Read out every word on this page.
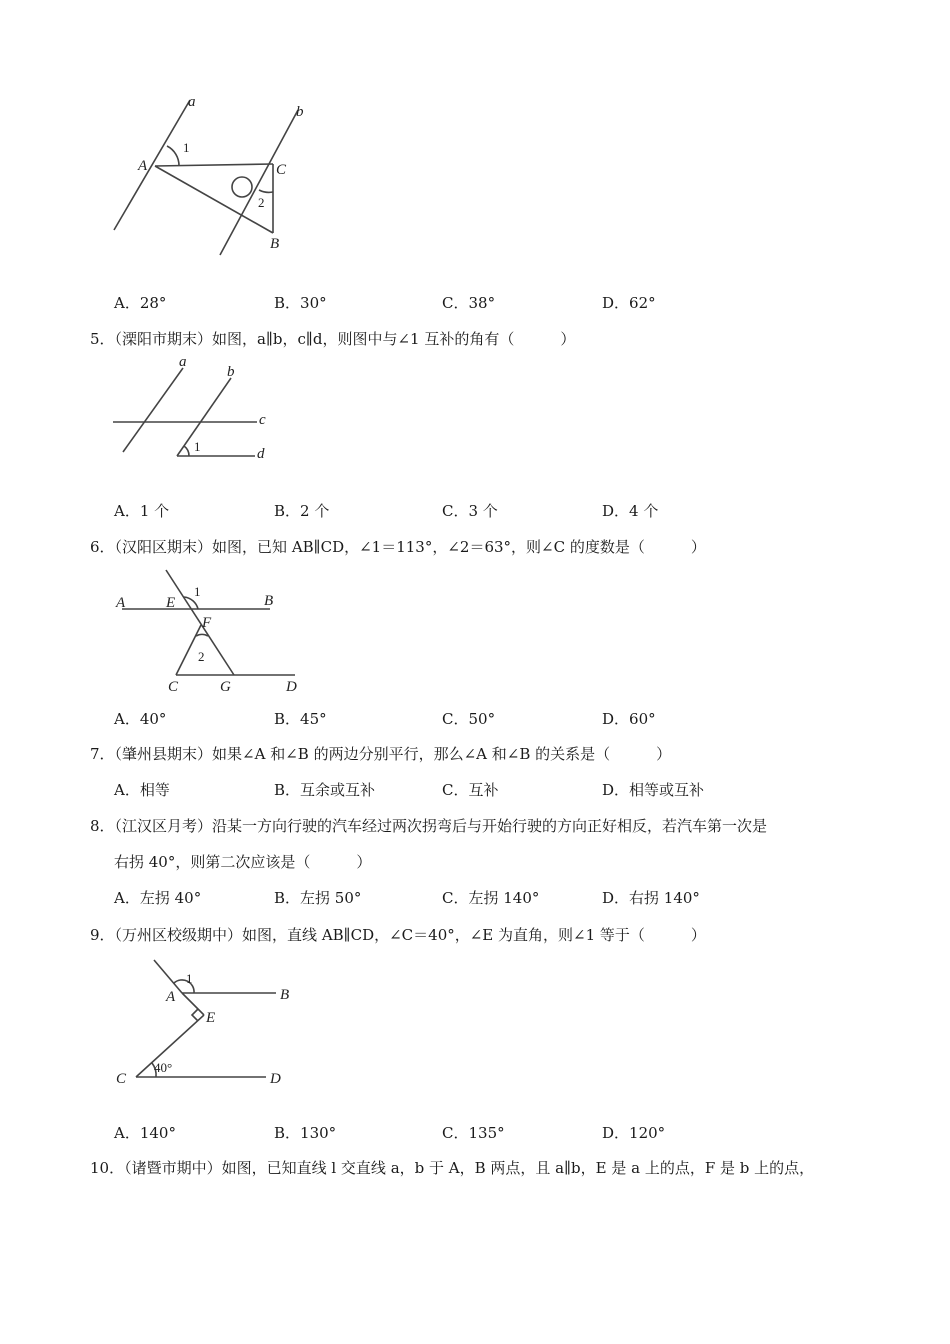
a
b
A	C
B
1
2
A．28°	B．30°	C．38°	D．62°
5．（溧阳市期末）如图，a∥b，c∥d，则图中与∠1 互补的角有（	）
a
b
c
d
1
A．1 个	B．2 个	C．3 个	D．4 个
6．（汉阳区期末）如图，已知 AB∥CD，∠1＝113°，∠2＝63°，则∠C 的度数是（	）
A	E	B
F
C	G	D
1
2
A．40°	B．45°	C．50°	D．60°
7．（肇州县期末）如果∠A 和∠B 的两边分别平行，那么∠A 和∠B 的关系是（	）
A．相等	B．互余或互补	C．互补	D．相等或互补
8．（江汉区月考）沿某一方向行驶的汽车经过两次拐弯后与开始行驶的方向正好相反，若汽车第一次是
右拐 40°，则第二次应该是（	）
A．左拐 40°	B．左拐 50°	C．左拐 140°	D．右拐 140°
9．（万州区校级期中）如图，直线 AB∥CD，∠C＝40°，∠E 为直角，则∠1 等于（	）
A	B
E
C	D
1
40°
A．140°	B．130°	C．135°	D．120°
10．（诸暨市期中）如图，已知直线 l 交直线 a，b 于 A，B 两点，且 a∥b，E 是 a 上的点，F 是 b 上的点，
